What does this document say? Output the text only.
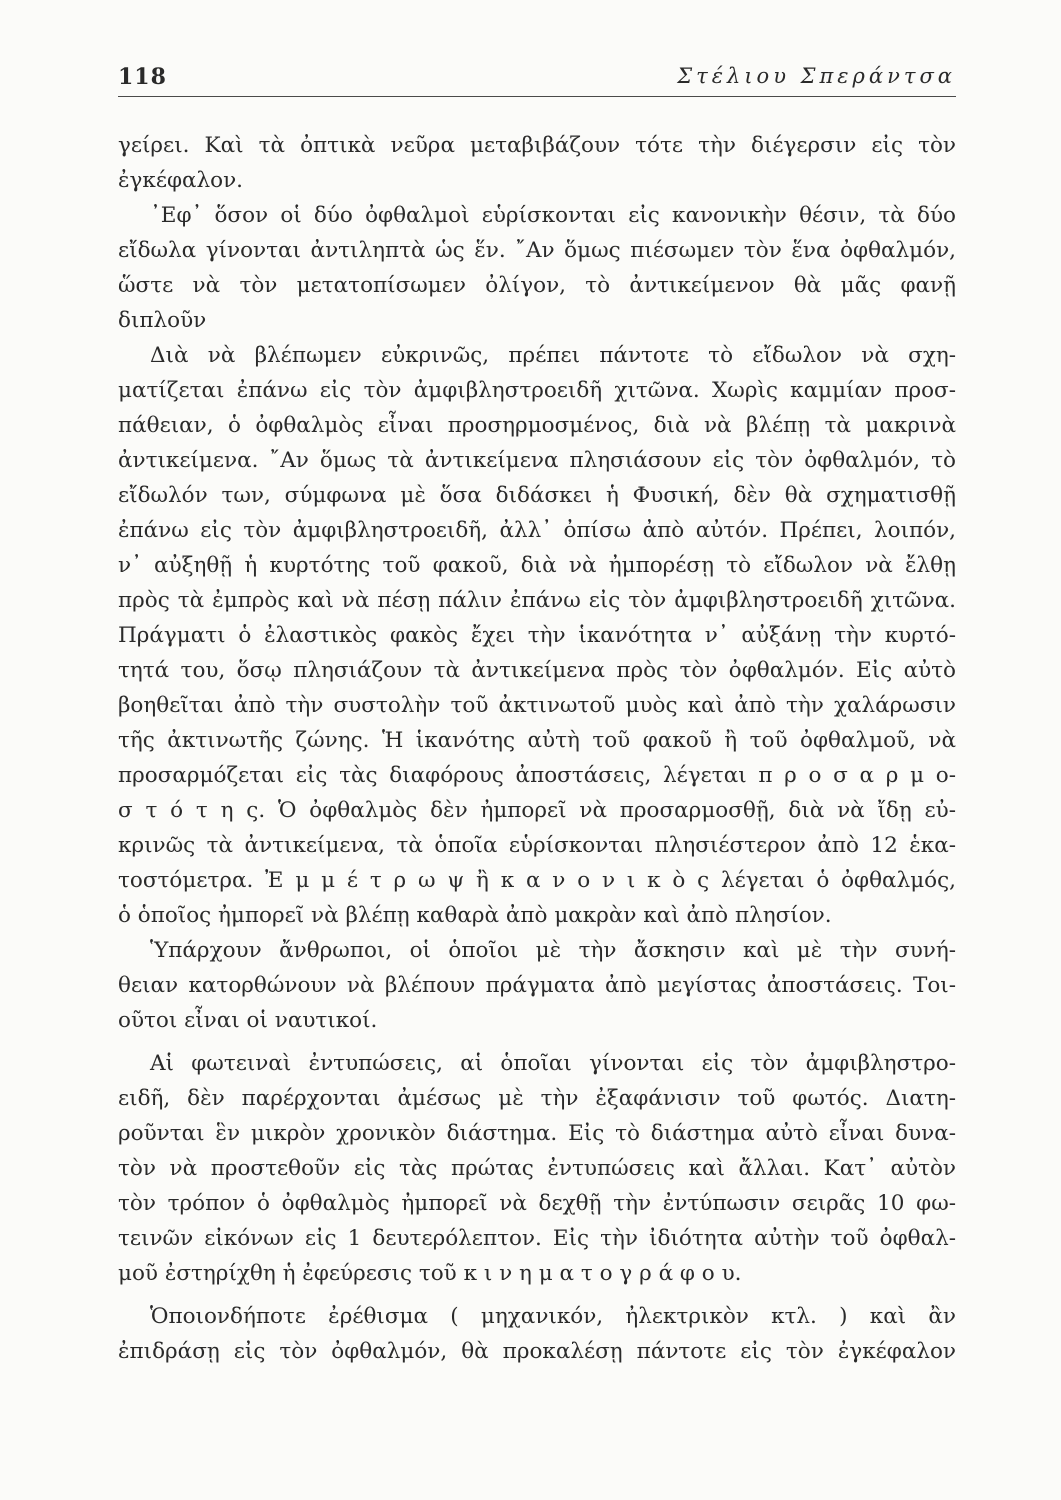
118	Στέλιου Σπεράντσα
γείρει. Καὶ τὰ ὀπτικὰ νεῦρα μεταβιβάζουν τότε τὴν διέγερσιν εἰς τὸν
ἐγκέφαλον.
᾿Εφ᾿ ὅσον οἱ δύο ὀφθαλμοὶ εὑρίσκονται εἰς κανονικὴν θέσιν, τὰ δύο
εἴδωλα γίνονται ἀντιληπτὰ ὡς ἕν. ῎Αν ὅμως πιέσωμεν τὸν ἕνα ὀφθαλμόν,
ὥστε νὰ τὸν μετατοπίσωμεν ὀλίγον, τὸ ἀντικείμενον θὰ μᾶς φανῇ
διπλοῦν
Διὰ νὰ βλέπωμεν εὐκρινῶς, πρέπει πάντοτε τὸ εἴδωλον νὰ σχη-
ματίζεται ἐπάνω εἰς τὸν ἀμφιβληστροειδῆ χιτῶνα. Χωρὶς καμμίαν προσ-
πάθειαν, ὁ ὀφθαλμὸς εἶναι προσηρμοσμένος, διὰ νὰ βλέπῃ τὰ μακρινὰ
ἀντικείμενα. ῎Αν ὅμως τὰ ἀντικείμενα πλησιάσουν εἰς τὸν ὀφθαλμόν, τὸ
εἴδωλόν των, σύμφωνα μὲ ὅσα διδάσκει ἡ Φυσική, δὲν θὰ σχηματισθῇ
ἐπάνω εἰς τὸν ἀμφιβληστροειδῆ, ἀλλ᾿ ὀπίσω ἀπὸ αὐτόν. Πρέπει, λοιπόν,
ν᾿ αὐξηθῇ ἡ κυρτότης τοῦ φακοῦ, διὰ νὰ ἠμπορέσῃ τὸ εἴδωλον νὰ ἔλθῃ
πρὸς τὰ ἐμπρὸς καὶ νὰ πέσῃ πάλιν ἐπάνω εἰς τὸν ἀμφιβληστροειδῆ χιτῶνα.
Πράγματι ὁ ἐλαστικὸς φακὸς ἔχει τὴν ἱκανότητα ν᾿ αὐξάνῃ τὴν κυρτό-
τητά του, ὅσῳ πλησιάζουν τὰ ἀντικείμενα πρὸς τὸν ὀφθαλμόν. Εἰς αὐτὸ
βοηθεῖται ἀπὸ τὴν συστολὴν τοῦ ἀκτινωτοῦ μυὸς καὶ ἀπὸ τὴν χαλάρωσιν
τῆς ἀκτινωτῆς ζώνης. Ἡ ἱκανότης αὐτὴ τοῦ φακοῦ ἢ τοῦ ὀφθαλμοῦ, νὰ
προσαρμόζεται εἰς τὰς διαφόρους ἀποστάσεις, λέγεται π ρ ο σ α ρ μ ο-
σ τ ό τ η ς. Ὁ ὀφθαλμὸς δὲν ἠμπορεῖ νὰ προσαρμοσθῇ, διὰ νὰ ἴδῃ εὐ-
κρινῶς τὰ ἀντικείμενα, τὰ ὁποῖα εὑρίσκονται πλησιέστερον ἀπὸ 12 ἑκα-
τοστόμετρα. Ἐ μ μ έ τ ρ ω ψ ἢ κ α ν ο ν ι κ ὸ ς λέγεται ὁ ὀφθαλμός,
ὁ ὁποῖος ἠμπορεῖ νὰ βλέπῃ καθαρὰ ἀπὸ μακρὰν καὶ ἀπὸ πλησίον.
Ὑπάρχουν ἄνθρωποι, οἱ ὁποῖοι μὲ τὴν ἄσκησιν καὶ μὲ τὴν συνή-
θειαν κατορθώνουν νὰ βλέπουν πράγματα ἀπὸ μεγίστας ἀποστάσεις. Τοι-
οῦτοι εἶναι οἱ ναυτικοί.
Αἱ φωτειναὶ ἐντυπώσεις, αἱ ὁποῖαι γίνονται εἰς τὸν ἀμφιβληστρο-
ειδῆ, δὲν παρέρχονται ἀμέσως μὲ τὴν ἐξαφάνισιν τοῦ φωτός. Διατη-
ροῦνται ἓν μικρὸν χρονικὸν διάστημα. Εἰς τὸ διάστημα αὐτὸ εἶναι δυνα-
τὸν νὰ προστεθοῦν εἰς τὰς πρώτας ἐντυπώσεις καὶ ἄλλαι. Κατ᾿ αὐτὸν
τὸν τρόπον ὁ ὀφθαλμὸς ἠμπορεῖ νὰ δεχθῇ τὴν ἐντύπωσιν σειρᾶς 10 φω-
τεινῶν εἰκόνων εἰς 1 δευτερόλεπτον. Εἰς τὴν ἰδιότητα αὐτὴν τοῦ ὀφθαλ-
μοῦ ἐστηρίχθη ἡ ἐφεύρεσις τοῦ κ ι ν η μ α τ ο γ ρ ά φ ο υ.
Ὁποιονδήποτε ἐρέθισμα ( μηχανικόν, ἠλεκτρικὸν κτλ. ) καὶ ἂν
ἐπιδράσῃ εἰς τὸν ὀφθαλμόν, θὰ προκαλέσῃ πάντοτε εἰς τὸν ἐγκέφαλον
